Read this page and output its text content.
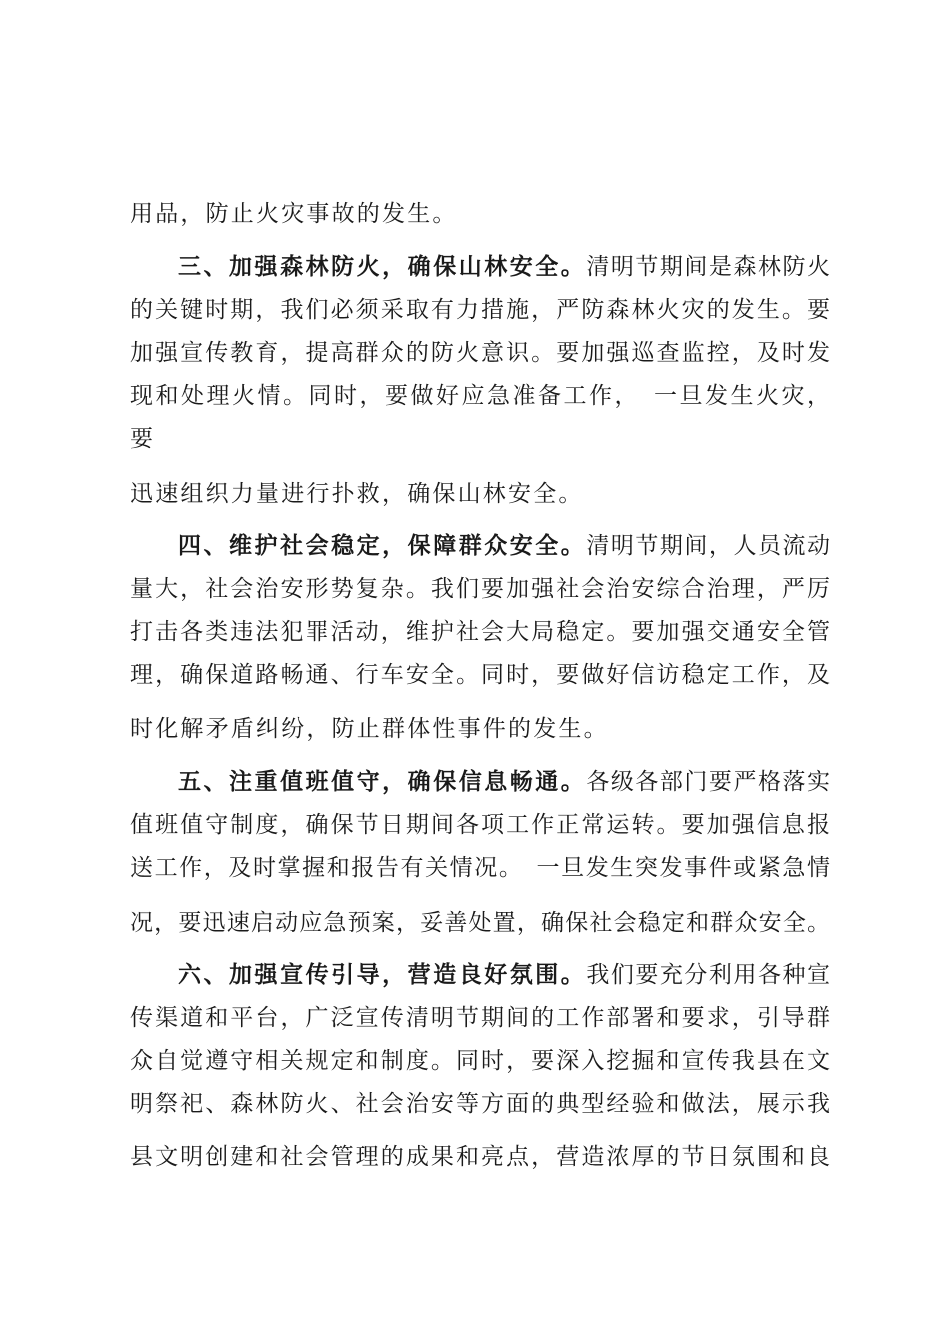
用品，防止火灾事故的发生。
三、加强森林防火，确保山林安全。清明节期间是森林防火
的关键时期，我们必须采取有力措施，严防森林火灾的发生。要
加强宣传教育，提高群众的防火意识。要加强巡查监控，及时发
现和处理火情。同时，要做好应急准备工作，　一旦发生火灾，
要
迅速组织力量进行扑救，确保山林安全。
四、维护社会稳定，保障群众安全。清明节期间，人员流动
量大，社会治安形势复杂。我们要加强社会治安综合治理，严厉
打击各类违法犯罪活动，维护社会大局稳定。要加强交通安全管
理，确保道路畅通、行车安全。同时，要做好信访稳定工作，及
时化解矛盾纠纷，防止群体性事件的发生。
五、注重值班值守，确保信息畅通。各级各部门要严格落实
值班值守制度，确保节日期间各项工作正常运转。要加强信息报
送工作，及时掌握和报告有关情况。　一旦发生突发事件或紧急情
况，要迅速启动应急预案，妥善处置，确保社会稳定和群众安全。
六、加强宣传引导，营造良好氛围。我们要充分利用各种宣
传渠道和平台，广泛宣传清明节期间的工作部署和要求，引导群
众自觉遵守相关规定和制度。同时，要深入挖掘和宣传我县在文
明祭祀、森林防火、社会治安等方面的典型经验和做法，展示我
县文明创建和社会管理的成果和亮点，营造浓厚的节日氛围和良
